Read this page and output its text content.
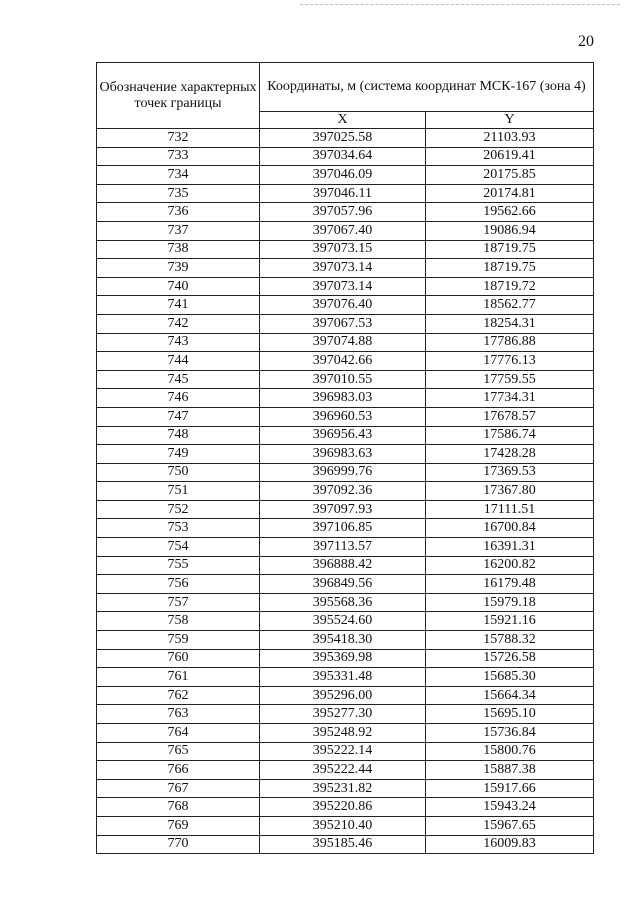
20
Обозначение характерных точек границы	Координаты, м (система координат МСК-167 (зона 4)	
	X	Y
732	397025.58	21103.93
733	397034.64	20619.41
734	397046.09	20175.85
735	397046.11	20174.81
736	397057.96	19562.66
737	397067.40	19086.94
738	397073.15	18719.75
739	397073.14	18719.75
740	397073.14	18719.72
741	397076.40	18562.77
742	397067.53	18254.31
743	397074.88	17786.88
744	397042.66	17776.13
745	397010.55	17759.55
746	396983.03	17734.31
747	396960.53	17678.57
748	396956.43	17586.74
749	396983.63	17428.28
750	396999.76	17369.53
751	397092.36	17367.80
752	397097.93	17111.51
753	397106.85	16700.84
754	397113.57	16391.31
755	396888.42	16200.82
756	396849.56	16179.48
757	395568.36	15979.18
758	395524.60	15921.16
759	395418.30	15788.32
760	395369.98	15726.58
761	395331.48	15685.30
762	395296.00	15664.34
763	395277.30	15695.10
764	395248.92	15736.84
765	395222.14	15800.76
766	395222.44	15887.38
767	395231.82	15917.66
768	395220.86	15943.24
769	395210.40	15967.65
770	395185.46	16009.83
